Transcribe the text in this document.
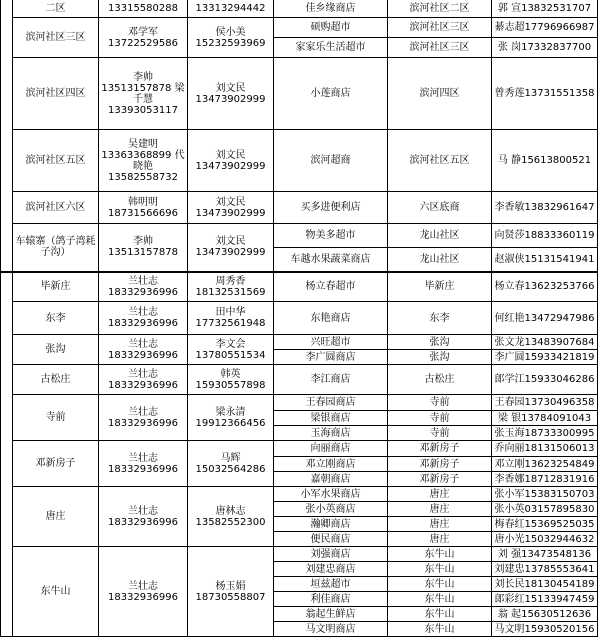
	二区	13315580288	13313294442	佳乡缘商店	滨河社区二区	郭 宣13832531707
	滨河社区三区	邓学军 13722529586	侯小美 15232593969	硕购超市	滨河社区三区	綦志超17796966987
				家家乐生活超市	滨河社区三区	张 岗17332837700
	滨河社区四区	李帅 13513157878 梁千慧 13393053117	刘文民 13473902999	小莲商店	滨河四区	曾秀莲13731551358
	滨河社区五区	吴建明 13363368899 代晓艳 13582558732	刘文民 13473902999	滨河超商	滨河社区五区	马 静15613800521
	滨河社区六区	韩明明 18731566696	刘文民 13473902999	买多进便利店	六区底商	李香敏13832961647
	车辕寨（鸽子湾耗子沟）	李帅 13513157878	刘文民 13473902999	物美多超市	龙山社区	向贤莎18833360119
				车越水果蔬菜商店	龙山社区	赵淑侠15131541941
	毕新庄	兰壮志 18332936996	周秀香 18132531569	杨立春超市	毕新庄	杨立春13623253766
	东李	兰壮志 18332936996	田中华 17732561948	东艳商店	东李	何红艳13472947986
	张沟	兰壮志 18332936996	李文会 13780551534	兴旺超市	张沟	张文龙13483907684
				李广圆商店	张沟	李广圆15933421819
	古松庄	兰壮志 18332936996	韩英 15930557898	李江商店	古松庄	郎学江15933046286
	寺前	兰壮志 18332936996	梁永清 19912366456	王春园商店	寺前	王春园13730496358
				梁银商店	寺前	梁 银13784091043
				玉海商店	寺前	张玉海18733300995
	邓新房子	兰壮志 18332936996	马辉 15032564286	向丽商店	邓新房子	乔向丽18131506013
				邓立刚商店	邓新房子	邓立刚13623254849
				嘉朝商店	邓新房子	李香娜18712831916
	唐庄	兰壮志 18332936996	唐林志 13582552300	小军水果商店	唐庄	张小军15383150703
				张小英商店	唐庄	张小英03157895830
				瀚卿商店	唐庄	梅春红15369525035
				便民商店	唐庄	唐小光15032944632
	东牛山	兰壮志 18332936996	杨玉娟 18730558807	刘强商店	东牛山	刘 强13473548136
				刘建忠商店	东牛山	刘建忠13785553641
				垣兹超市	东牛山	刘长民18130454189
				利佳商店	东牛山	郎彩红15133947459
				翁起生鲜店	东牛山	翁 起15630512636
				马文明商店	东牛山	马文明15930520156
